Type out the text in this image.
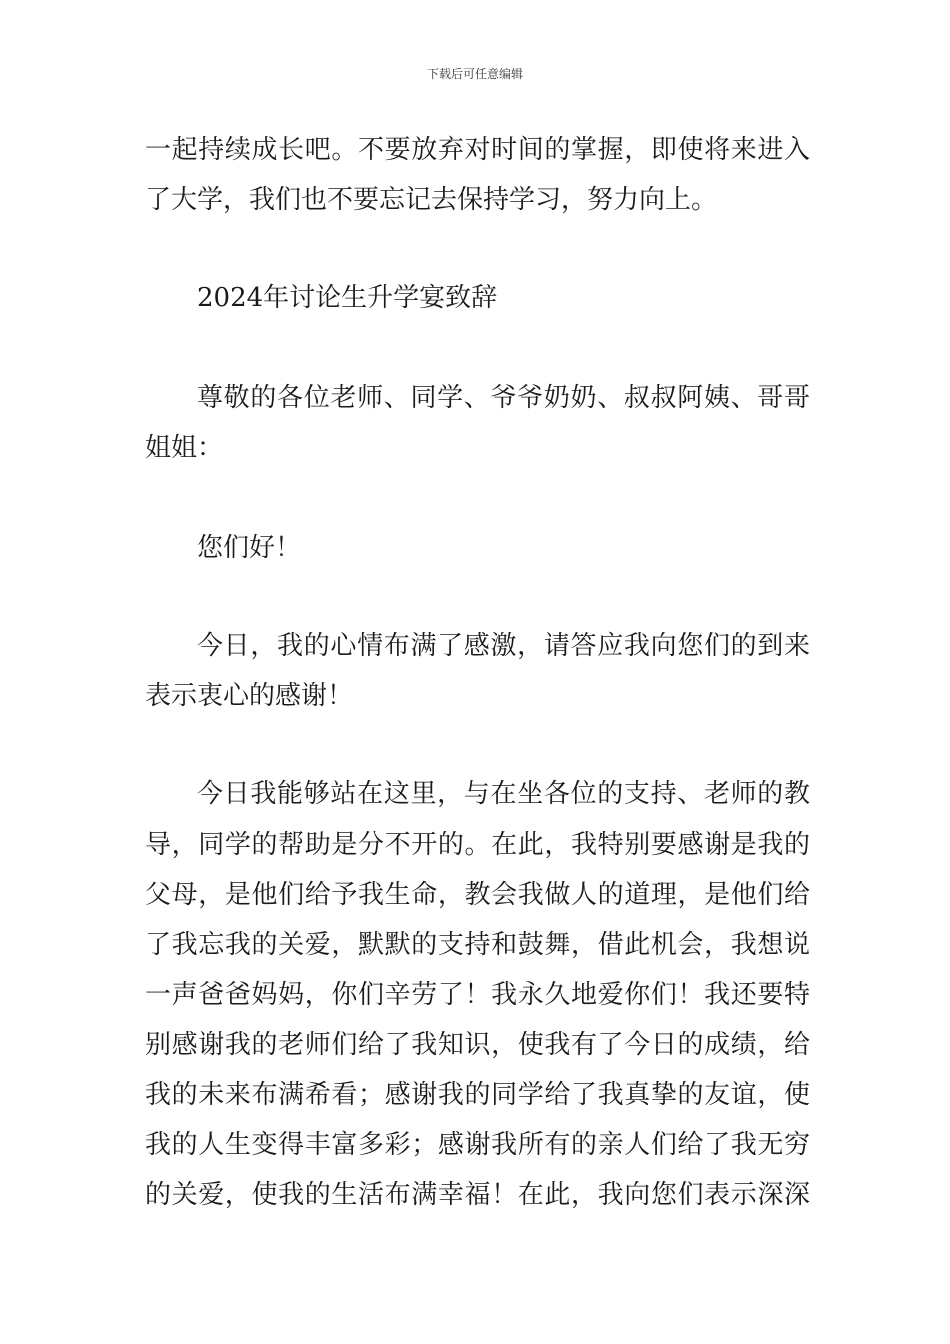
下载后可任意编辑
一起持续成长吧。不要放弃对时间的掌握，即使将来进入
了大学，我们也不要忘记去保持学习，努力向上。
2024年讨论生升学宴致辞
尊敬的各位老师、同学、爷爷奶奶、叔叔阿姨、哥哥
姐姐：
您们好！
今日，我的心情布满了感激，请答应我向您们的到来
表示衷心的感谢！
今日我能够站在这里，与在坐各位的支持、老师的教
导，同学的帮助是分不开的。在此，我特别要感谢是我的
父母，是他们给予我生命，教会我做人的道理，是他们给
了我忘我的关爱，默默的支持和鼓舞，借此机会，我想说
一声爸爸妈妈，你们辛劳了！我永久地爱你们！我还要特
别感谢我的老师们给了我知识，使我有了今日的成绩，给
我的未来布满希看；感谢我的同学给了我真挚的友谊，使
我的人生变得丰富多彩；感谢我所有的亲人们给了我无穷
的关爱，使我的生活布满幸福！在此，我向您们表示深深
